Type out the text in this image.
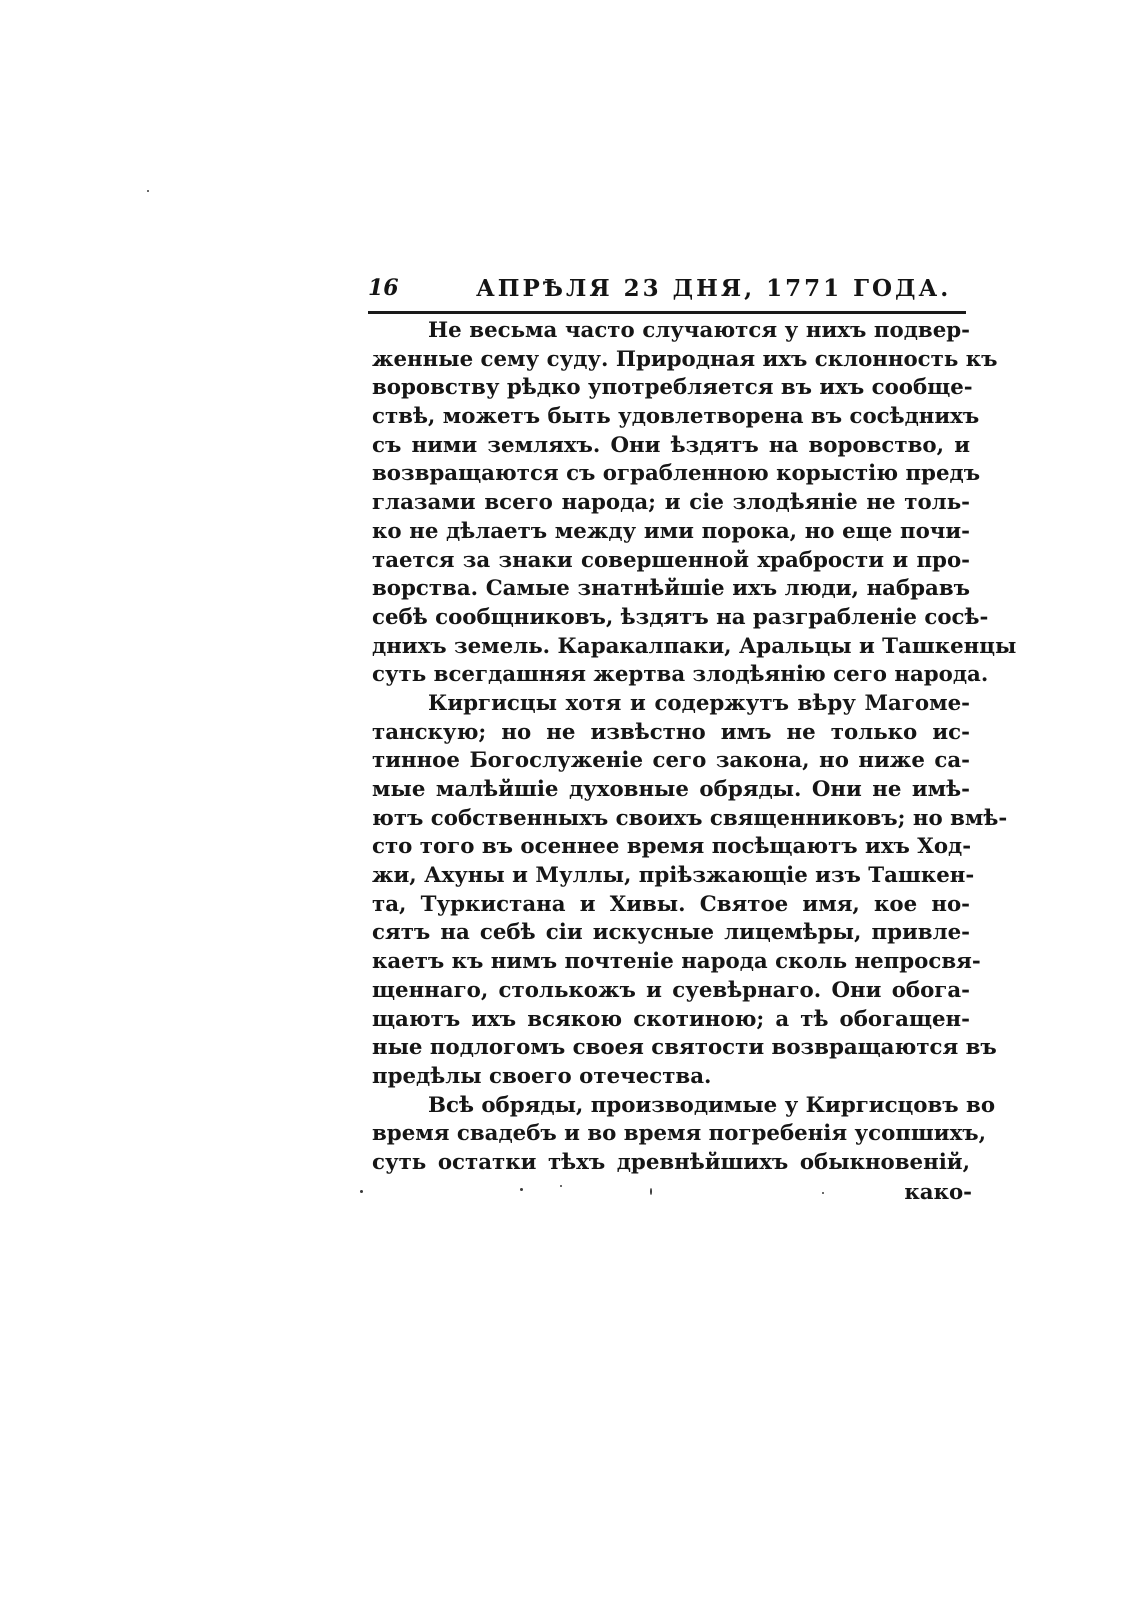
16	АПРѢЛЯ 23 ДНЯ, 1771 ГОДА.
Не весьма часто случаются у нихъ подвер-
женные сему суду. Природная ихъ склонность къ
воровству рѣдко употребляется въ ихъ сообще-
ствѣ, можетъ быть удовлетворена въ сосѣднихъ
съ ними земляхъ. Они ѣздятъ на воровство, и
возвращаются съ ограбленною корыстію предъ
глазами всего народа; и сіе злодѣяніе не толь-
ко не дѣлаетъ между ими порока, но еще почи-
тается за знаки совершенной храбрости и про-
ворства. Самые знатнѣйшіе ихъ люди, набравъ
себѣ сообщниковъ, ѣздятъ на разграбленіе сосѣ-
днихъ земель. Каракалпаки, Аральцы и Ташкенцы
суть всегдашняя жертва злодѣянію сего народа.
Киргисцы хотя и содержутъ вѣру Магоме-
танскую; но не извѣстно имъ не только ис-
тинное Богослуженіе сего закона, но ниже са-
мые малѣйшіе духовные обряды. Они не имѣ-
ютъ собственныхъ своихъ священниковъ; но вмѣ-
сто того въ осеннее время посѣщаютъ ихъ Ход-
жи, Ахуны и Муллы, пріѣзжающіе изъ Ташкен-
та, Туркистана и Хивы. Святое имя, кое но-
сятъ на себѣ сіи искусные лицемѣры, привле-
каетъ къ нимъ почтеніе народа сколь непросвя-
щеннаго, столькожъ и суевѣрнаго. Они обога-
щаютъ ихъ всякою скотиною; а тѣ обогащен-
ные подлогомъ своея святости возвращаются въ
предѣлы своего отечества.
Всѣ обряды, производимые у Киргисцовъ во
время свадебъ и во время погребенія усопшихъ,
суть остатки тѣхъ древнѣйшихъ обыкновеній,
како-
